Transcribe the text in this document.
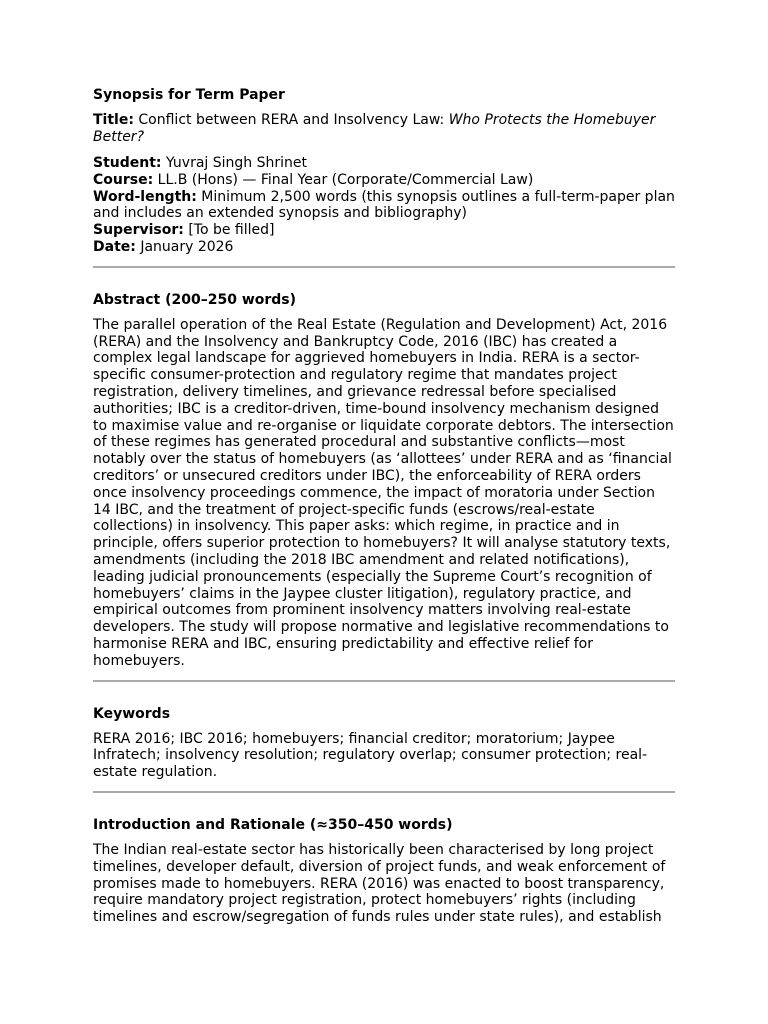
Synopsis for Term Paper

Title: Conflict between RERA and Insolvency Law: Who Protects the Homebuyer Better?

Student: Yuvraj Singh Shrinet
Course: LL.B (Hons) — Final Year (Corporate/Commercial Law)
Word-length: Minimum 2,500 words (this synopsis outlines a full-term-paper plan and includes an extended synopsis and bibliography)
Supervisor: [To be filled]
Date: January 2026

Abstract (200–250 words)

The parallel operation of the Real Estate (Regulation and Development) Act, 2016 (RERA) and the Insolvency and Bankruptcy Code, 2016 (IBC) has created a complex legal landscape for aggrieved homebuyers in India. RERA is a sector-specific consumer-protection and regulatory regime that mandates project registration, delivery timelines, and grievance redressal before specialised authorities; IBC is a creditor-driven, time-bound insolvency mechanism designed to maximise value and re-organise or liquidate corporate debtors. The intersection of these regimes has generated procedural and substantive conflicts—most notably over the status of homebuyers (as ‘allottees’ under RERA and as ‘financial creditors’ or unsecured creditors under IBC), the enforceability of RERA orders once insolvency proceedings commence, the impact of moratoria under Section 14 IBC, and the treatment of project-specific funds (escrows/real-estate collections) in insolvency. This paper asks: which regime, in practice and in principle, offers superior protection to homebuyers? It will analyse statutory texts, amendments (including the 2018 IBC amendment and related notifications), leading judicial pronouncements (especially the Supreme Court’s recognition of homebuyers’ claims in the Jaypee cluster litigation), regulatory practice, and empirical outcomes from prominent insolvency matters involving real-estate developers. The study will propose normative and legislative recommendations to harmonise RERA and IBC, ensuring predictability and effective relief for homebuyers.

Keywords

RERA 2016; IBC 2016; homebuyers; financial creditor; moratorium; Jaypee Infratech; insolvency resolution; regulatory overlap; consumer protection; real-estate regulation.

Introduction and Rationale (≈350–450 words)

The Indian real-estate sector has historically been characterised by long project timelines, developer default, diversion of project funds, and weak enforcement of promises made to homebuyers. RERA (2016) was enacted to boost transparency, require mandatory project registration, protect homebuyers’ rights (including timelines and escrow/segregation of funds rules under state rules), and establish
